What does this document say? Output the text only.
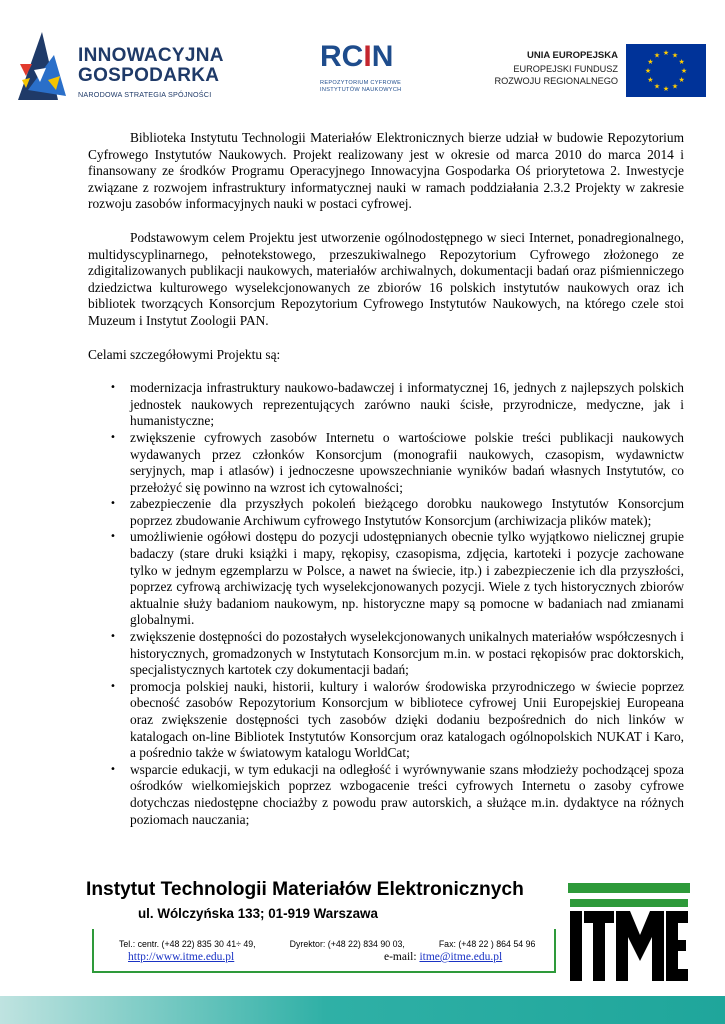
INNOWACYJNA
GOSPODARKA
NARODOWA STRATEGIA SPÓJNOŚCI
RCIN
REPOZYTORIUM CYFROWE
INSTYTUTÓW NAUKOWYCH
UNIA EUROPEJSKA
EUROPEJSKI FUNDUSZ
ROZWOJU REGIONALNEGO
★ ★
★
★
★
★
★
★
★
★
★
★

Biblioteka Instytutu Technologii Materiałów Elektronicznych bierze udział w budowie Repozytorium Cyfrowego Instytutów Naukowych. Projekt realizowany jest w okresie od marca 2010 do marca 2014 i finansowany ze środków Programu Operacyjnego Innowacyjna Gospodarka Oś priorytetowa 2. Inwestycje związane z rozwojem infrastruktury informatycznej nauki w ramach poddziałania 2.3.2 Projekty w zakresie rozwoju zasobów informacyjnych nauki w postaci cyfrowej.

Podstawowym celem Projektu jest utworzenie ogólnodostępnego w sieci Internet, ponadregionalnego, multidyscyplinarnego, pełnotekstowego, przeszukiwalnego Repozytorium Cyfrowego złożonego ze zdigitalizowanych publikacji naukowych, materiałów archiwalnych, dokumentacji badań oraz piśmienniczego dziedzictwa kulturowego wyselekcjonowanych ze zbiorów 16 polskich instytutów naukowych oraz ich bibliotek tworzących Konsorcjum Repozytorium Cyfrowego Instytutów Naukowych, na którego czele stoi Muzeum i Instytut Zoologii PAN.

Celami szczegółowymi Projektu są:

• modernizacja infrastruktury naukowo-badawczej i informatycznej 16, jednych z najlepszych polskich jednostek naukowych reprezentujących zarówno nauki ścisłe, przyrodnicze, medyczne, jak i humanistyczne;
• zwiększenie cyfrowych zasobów Internetu o wartościowe polskie treści publikacji naukowych wydawanych przez członków Konsorcjum (monografii naukowych, czasopism, wydawnictw seryjnych, map i atlasów) i jednoczesne upowszechnianie wyników badań własnych Instytutów, co przełożyć się powinno na wzrost ich cytowalności;
• zabezpieczenie dla przyszłych pokoleń bieżącego dorobku naukowego Instytutów Konsorcjum poprzez zbudowanie Archiwum cyfrowego Instytutów Konsorcjum (archiwizacja plików matek);
• umożliwienie ogółowi dostępu do pozycji udostępnianych obecnie tylko wyjątkowo nielicznej grupie badaczy (stare druki książki i mapy, rękopisy, czasopisma, zdjęcia, kartoteki i pozycje zachowane tylko w jednym egzemplarzu w Polsce, a nawet na świecie, itp.) i zabezpieczenie ich dla przyszłości, poprzez cyfrową archiwizację tych wyselekcjonowanych pozycji. Wiele z tych historycznych zbiorów aktualnie służy badaniom naukowym, np. historyczne mapy są pomocne w badaniach nad zmianami globalnymi.
• zwiększenie dostępności do pozostałych wyselekcjonowanych unikalnych materiałów współczesnych i historycznych, gromadzonych w Instytutach Konsorcjum m.in. w postaci rękopisów prac doktorskich, specjalistycznych kartotek czy dokumentacji badań;
• promocja polskiej nauki, historii, kultury i walorów środowiska przyrodniczego w świecie poprzez obecność zasobów Repozytorium Konsorcjum w bibliotece cyfrowej Unii Europejskiej Europeana oraz zwiększenie dostępności tych zasobów dzięki dodaniu bezpośrednich do nich linków w katalogach on-line Bibliotek Instytutów Konsorcjum oraz katalogach ogólnopolskich NUKAT i Karo, a pośrednio także w światowym katalogu WorldCat;
• wsparcie edukacji, w tym edukacji na odległość i wyrównywanie szans młodzieży pochodzącej spoza ośrodków wielkomiejskich poprzez wzbogacenie treści cyfrowych Internetu o zasoby cyfrowe dotychczas niedostępne chociażby z powodu praw autorskich, a służące m.in. dydaktyce na różnych poziomach nauczania;
Instytut Technologii Materiałów Elektronicznych
ul. Wólczyńska 133; 01-919 Warszawa
Tel.: centr. (+48 22) 835 30 41÷ 49,	Dyrektor: (+48 22) 834 90 03,	Fax: (+48 22 ) 864 54 96
http://www.itme.edu.pl	e-mail: itme@itme.edu.pl
